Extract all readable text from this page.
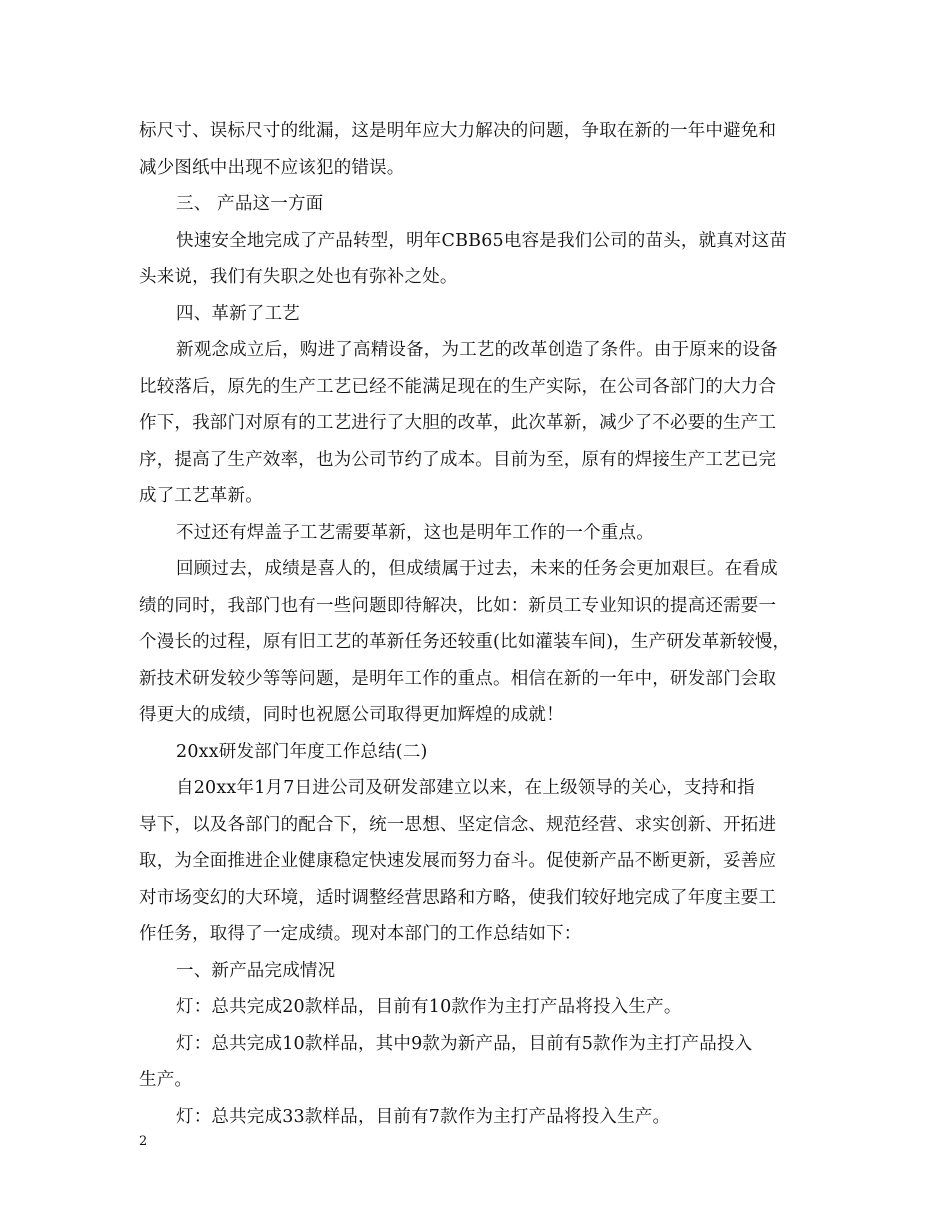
标尺寸、误标尺寸的纰漏，这是明年应大力解决的问题，争取在新的一年中避免和
减少图纸中出现不应该犯的错误。
三、 产品这一方面
快速安全地完成了产品转型，明年CBB65电容是我们公司的苗头，就真对这苗
头来说，我们有失职之处也有弥补之处。
四、革新了工艺
新观念成立后，购进了高精设备，为工艺的改革创造了条件。由于原来的设备
比较落后，原先的生产工艺已经不能满足现在的生产实际，在公司各部门的大力合
作下，我部门对原有的工艺进行了大胆的改革，此次革新，减少了不必要的生产工
序，提高了生产效率，也为公司节约了成本。目前为至，原有的焊接生产工艺已完
成了工艺革新。
不过还有焊盖子工艺需要革新，这也是明年工作的一个重点。
回顾过去，成绩是喜人的，但成绩属于过去，未来的任务会更加艰巨。在看成
绩的同时，我部门也有一些问题即待解决，比如：新员工专业知识的提高还需要一
个漫长的过程，原有旧工艺的革新任务还较重(比如灌装车间)，生产研发革新较慢，
新技术研发较少等等问题，是明年工作的重点。相信在新的一年中，研发部门会取
得更大的成绩，同时也祝愿公司取得更加辉煌的成就！
20xx研发部门年度工作总结(二)
自20xx年1月7日进公司及研发部建立以来，在上级领导的关心，支持和指
导下，以及各部门的配合下，统一思想、坚定信念、规范经营、求实创新、开拓进
取，为全面推进企业健康稳定快速发展而努力奋斗。促使新产品不断更新，妥善应
对市场变幻的大环境，适时调整经营思路和方略，使我们较好地完成了年度主要工
作任务，取得了一定成绩。现对本部门的工作总结如下：
一、新产品完成情况
灯：总共完成20款样品，目前有10款作为主打产品将投入生产。
灯：总共完成10款样品，其中9款为新产品，目前有5款作为主打产品投入
生产。
灯：总共完成33款样品，目前有7款作为主打产品将投入生产。
2
